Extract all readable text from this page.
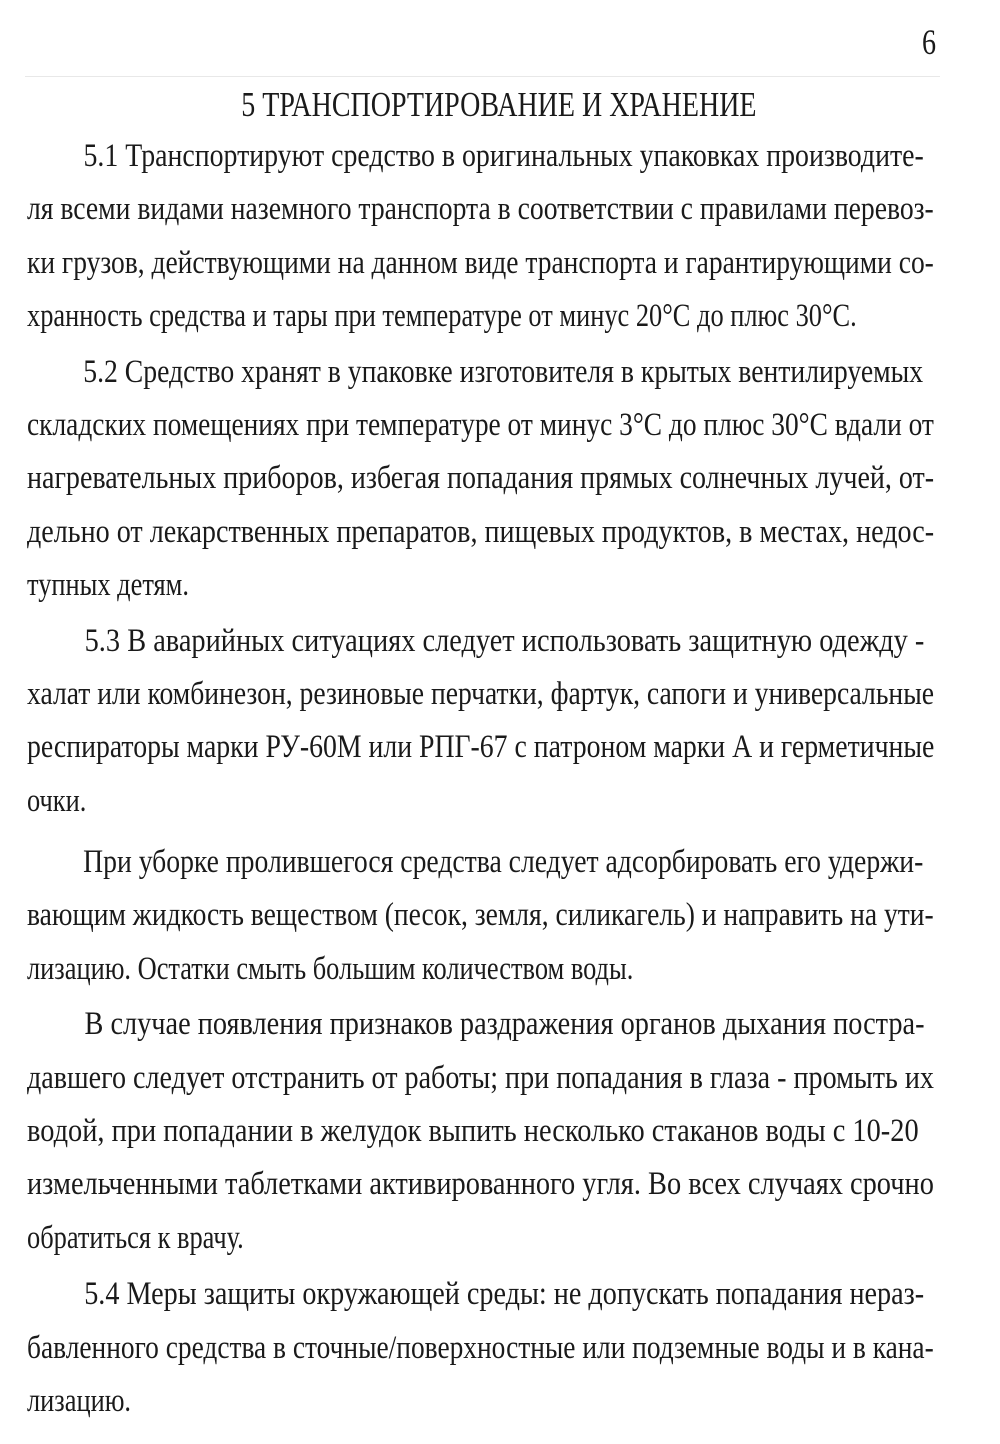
6
5 ТРАНСПОРТИРОВАНИЕ И ХРАНЕНИЕ

5.1 Транспортируют средство в оригинальных упаковках производите-
ля всеми видами наземного транспорта в соответствии с правилами перевоз-
ки грузов, действующими на данном виде транспорта и гарантирующими со-
хранность средства и тары при температуре от минус 20°С до плюс 30°С.

5.2 Средство хранят в упаковке изготовителя в крытых вентилируемых
складских помещениях при температуре от минус 3°С до плюс 30°С вдали от
нагревательных приборов, избегая попадания прямых солнечных лучей, от-
дельно от лекарственных препаратов, пищевых продуктов, в местах, недос-
тупных детям.

5.3 В аварийных ситуациях следует использовать защитную одежду -
халат или комбинезон, резиновые перчатки, фартук, сапоги и универсальные
респираторы марки РУ-60М или РПГ-67 с патроном марки А и герметичные
очки.

При уборке пролившегося средства следует адсорбировать его удержи-
вающим жидкость веществом (песок, земля, силикагель) и направить на ути-
лизацию. Остатки смыть большим количеством воды.

В случае появления признаков раздражения органов дыхания постра-
давшего следует отстранить от работы; при попадания в глаза - промыть их
водой, при попадании в желудок выпить несколько стаканов воды с 10-20
измельченными таблетками активированного угля. Во всех случаях срочно
обратиться к врачу.

5.4 Меры защиты окружающей среды: не допускать попадания нераз-
бавленного средства в сточные/поверхностные или подземные воды и в кана-
лизацию.
